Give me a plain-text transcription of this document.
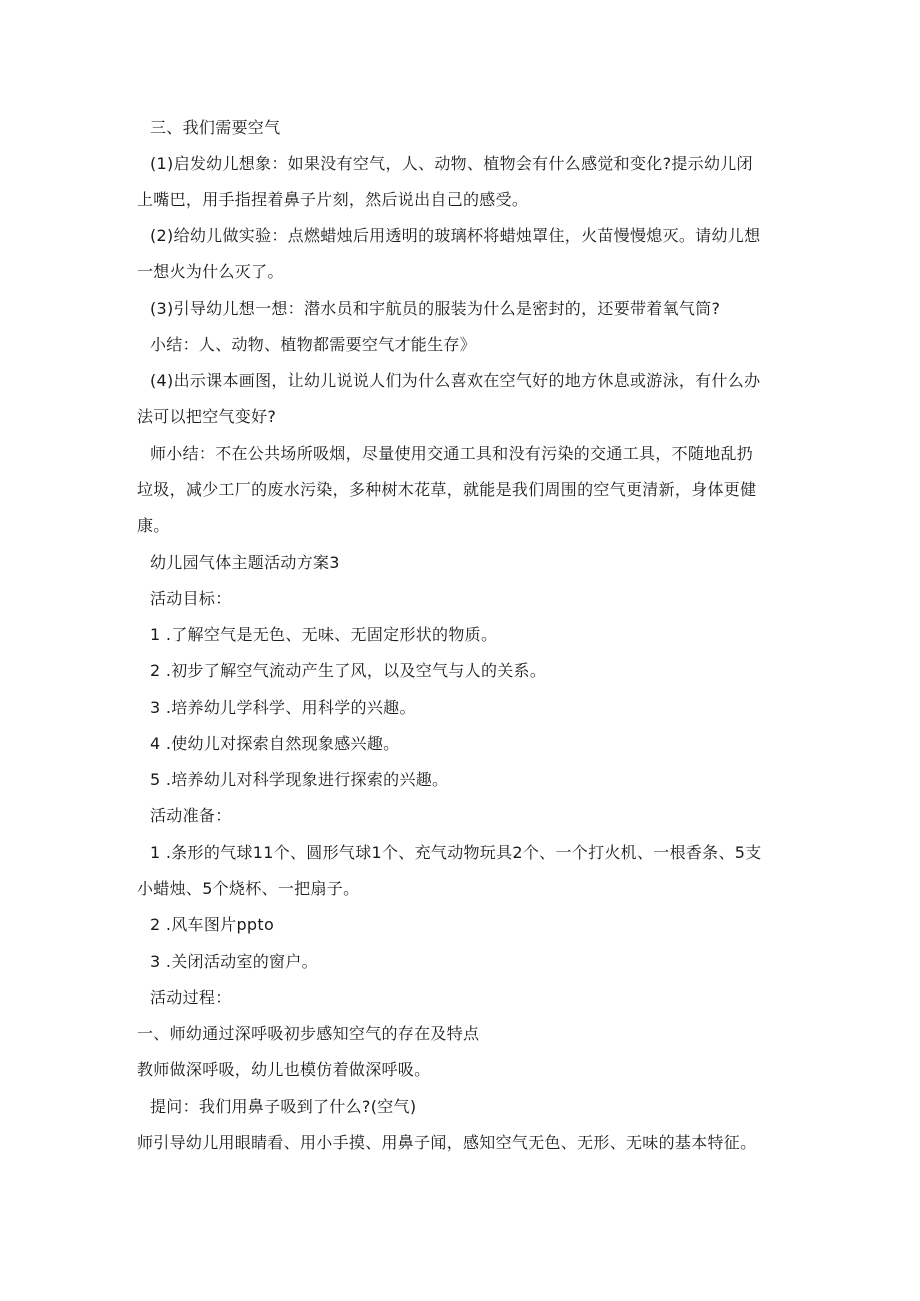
三、我们需要空气
(1)启发幼儿想象：如果没有空气，人、动物、植物会有什么感觉和变化?提示幼儿闭
上嘴巴，用手指捏着鼻子片刻，然后说出自己的感受。
(2)给幼儿做实验：点燃蜡烛后用透明的玻璃杯将蜡烛罩住，火苗慢慢熄灭。请幼儿想
一想火为什么灭了。
(3)引导幼儿想一想：潜水员和宇航员的服装为什么是密封的，还要带着氧气筒?
小结：人、动物、植物都需要空气才能生存》
(4)出示课本画图，让幼儿说说人们为什么喜欢在空气好的地方休息或游泳，有什么办
法可以把空气变好?
师小结：不在公共场所吸烟，尽量使用交通工具和没有污染的交通工具，不随地乱扔
垃圾，减少工厂的废水污染，多种树木花草，就能是我们周围的空气更清新，身体更健
康。
幼儿园气体主题活动方案3
活动目标：
1 .了解空气是无色、无味、无固定形状的物质。
2 .初步了解空气流动产生了风，以及空气与人的关系。
3 .培养幼儿学科学、用科学的兴趣。
4 .使幼儿对探索自然现象感兴趣。
5 .培养幼儿对科学现象进行探索的兴趣。
活动准备：
1 .条形的气球11个、圆形气球1个、充气动物玩具2个、一个打火机、一根香条、5支
小蜡烛、5个烧杯、一把扇子。
2 .风车图片ppto
3 .关闭活动室的窗户。
活动过程：
一、师幼通过深呼吸初步感知空气的存在及特点
教师做深呼吸，幼儿也模仿着做深呼吸。
提问：我们用鼻子吸到了什么?(空气)
师引导幼儿用眼睛看、用小手摸、用鼻子闻，感知空气无色、无形、无味的基本特征。
